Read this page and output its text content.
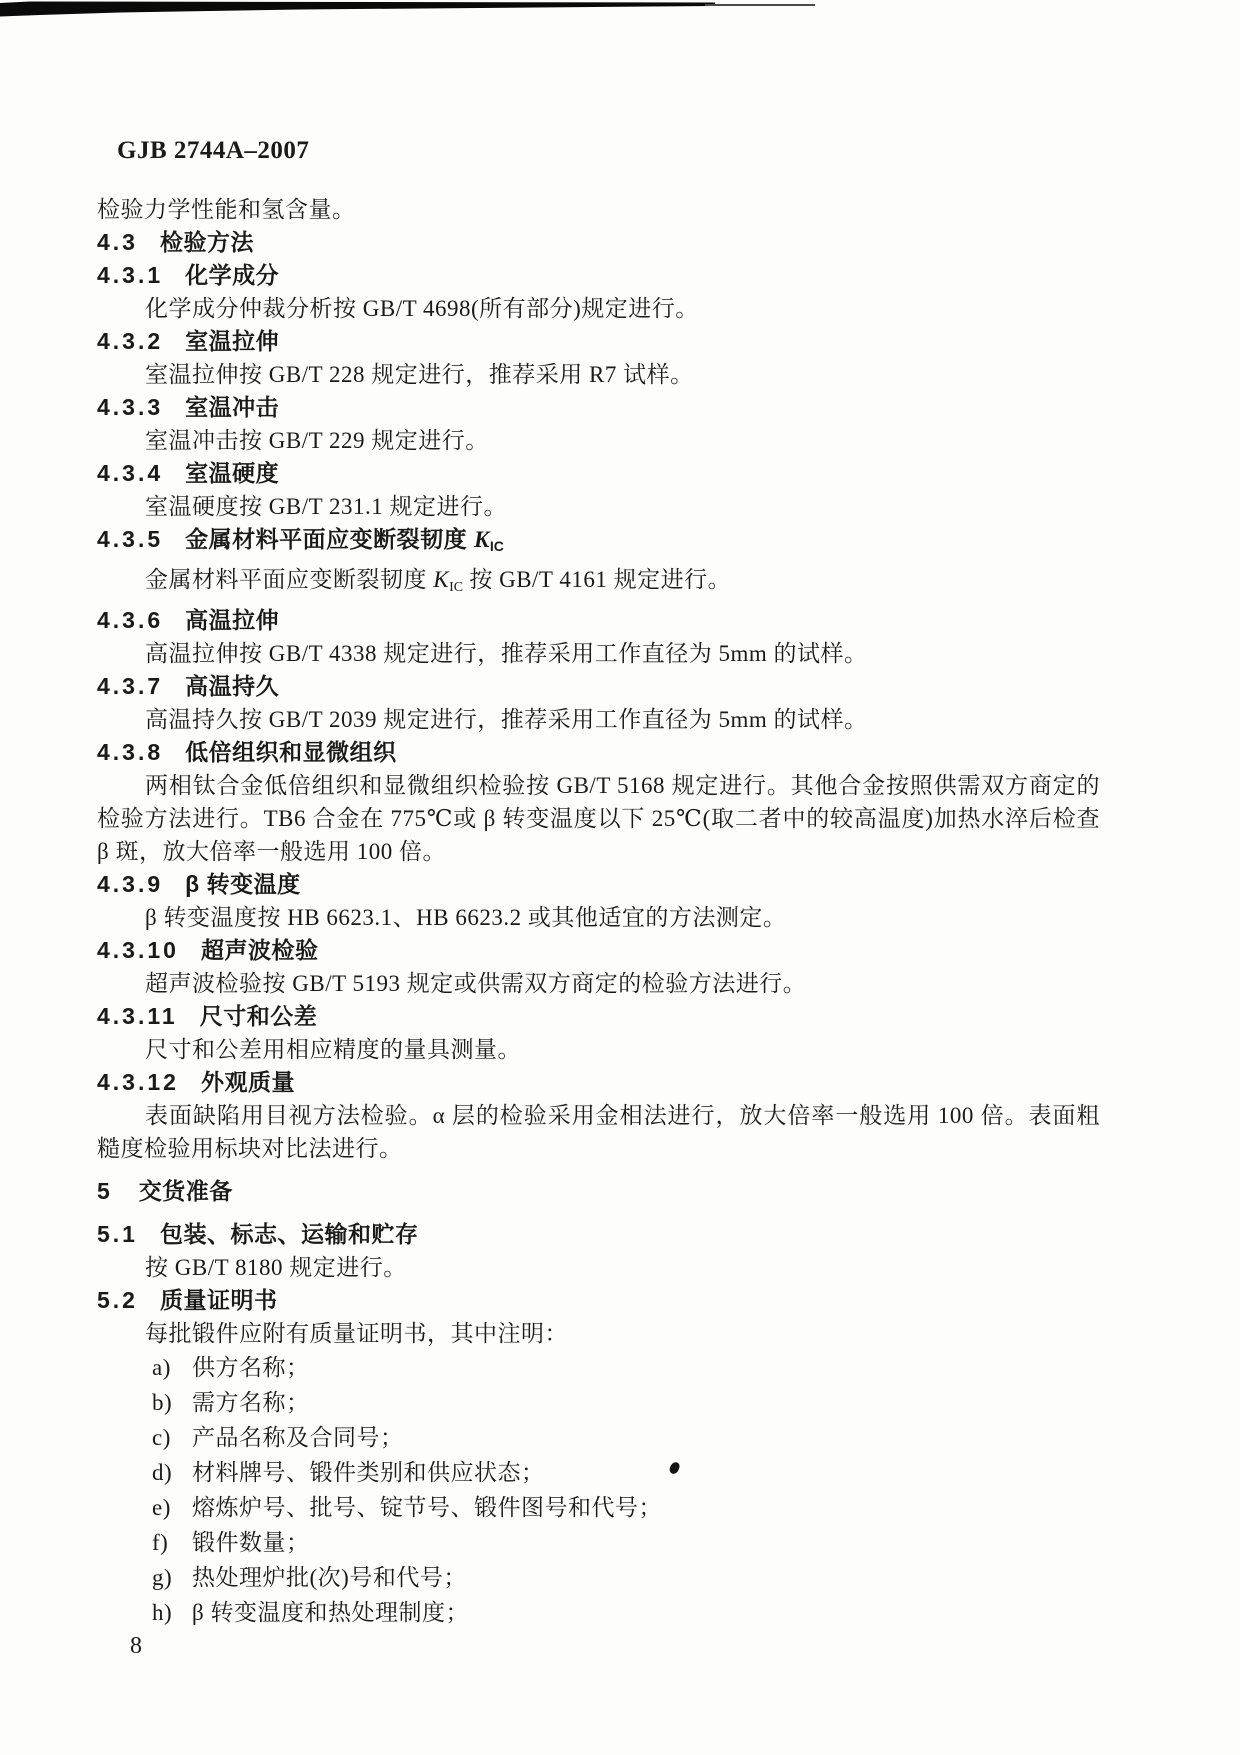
GJB 2744A–2007
检验力学性能和氢含量。
4.3 检验方法
4.3.1 化学成分
化学成分仲裁分析按 GB/T 4698(所有部分)规定进行。
4.3.2 室温拉伸
室温拉伸按 GB/T 228 规定进行，推荐采用 R7 试样。
4.3.3 室温冲击
室温冲击按 GB/T 229 规定进行。
4.3.4 室温硬度
室温硬度按 GB/T 231.1 规定进行。
4.3.5 金属材料平面应变断裂韧度 $K_{IC}$
金属材料平面应变断裂韧度 $K_{IC}$ 按 GB/T 4161 规定进行。
4.3.6 高温拉伸
高温拉伸按 GB/T 4338 规定进行，推荐采用工作直径为 5mm 的试样。
4.3.7 高温持久
高温持久按 GB/T 2039 规定进行，推荐采用工作直径为 5mm 的试样。
4.3.8 低倍组织和显微组织
两相钛合金低倍组织和显微组织检验按 GB/T 5168 规定进行。其他合金按照供需双方商定的检验方法进行。TB6 合金在 775℃或 β 转变温度以下 25℃(取二者中的较高温度)加热水淬后检查 β 斑，放大倍率一般选用 100 倍。
4.3.9 β 转变温度
β 转变温度按 HB 6623.1、HB 6623.2 或其他适宜的方法测定。
4.3.10 超声波检验
超声波检验按 GB/T 5193 规定或供需双方商定的检验方法进行。
4.3.11 尺寸和公差
尺寸和公差用相应精度的量具测量。
4.3.12 外观质量
表面缺陷用目视方法检验。α 层的检验采用金相法进行，放大倍率一般选用 100 倍。表面粗糙度检验用标块对比法进行。
5 交货准备
5.1 包装、标志、运输和贮存
按 GB/T 8180 规定进行。
5.2 质量证明书
每批锻件应附有质量证明书，其中注明：
a) 供方名称；
b) 需方名称；
c) 产品名称及合同号；
d) 材料牌号、锻件类别和供应状态；
e) 熔炼炉号、批号、锭节号、锻件图号和代号；
f) 锻件数量；
g) 热处理炉批(次)号和代号；
h) β 转变温度和热处理制度；
8
